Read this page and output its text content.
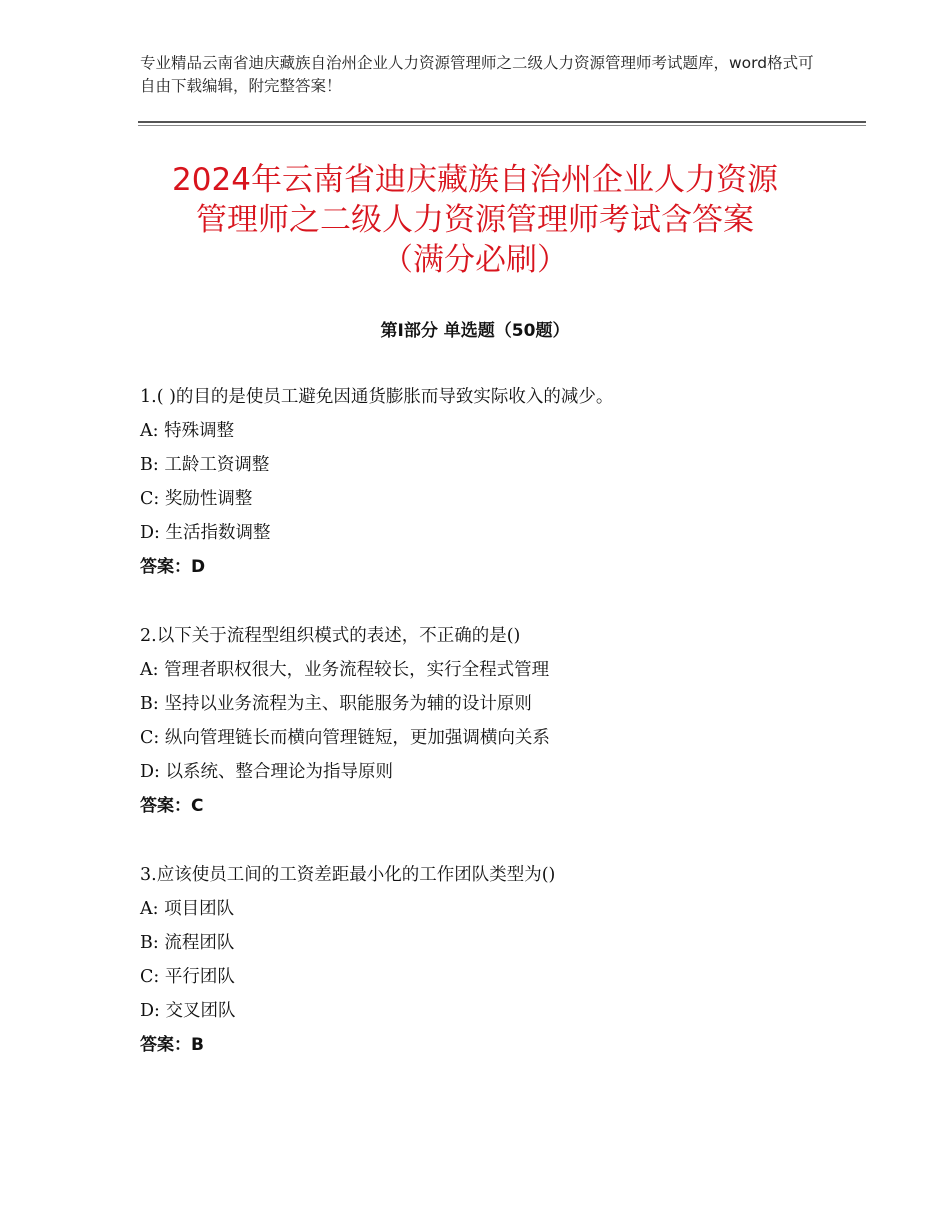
专业精品云南省迪庆藏族自治州企业人力资源管理师之二级人力资源管理师考试题库，word格式可自由下载编辑，附完整答案！
2024年云南省迪庆藏族自治州企业人力资源
管理师之二级人力资源管理师考试含答案
（满分必刷）
第Ⅰ部分 单选题（50题）
1.( )的目的是使员工避免因通货膨胀而导致实际收入的减少。
A: 特殊调整
B: 工龄工资调整
C: 奖励性调整
D: 生活指数调整
答案：D
2.以下关于流程型组织模式的表述，不正确的是()
A: 管理者职权很大，业务流程较长，实行全程式管理
B: 坚持以业务流程为主、职能服务为辅的设计原则
C: 纵向管理链长而横向管理链短，更加强调横向关系
D: 以系统、整合理论为指导原则
答案：C
3.应该使员工间的工资差距最小化的工作团队类型为()
A: 项目团队
B: 流程团队
C: 平行团队
D: 交叉团队
答案：B
